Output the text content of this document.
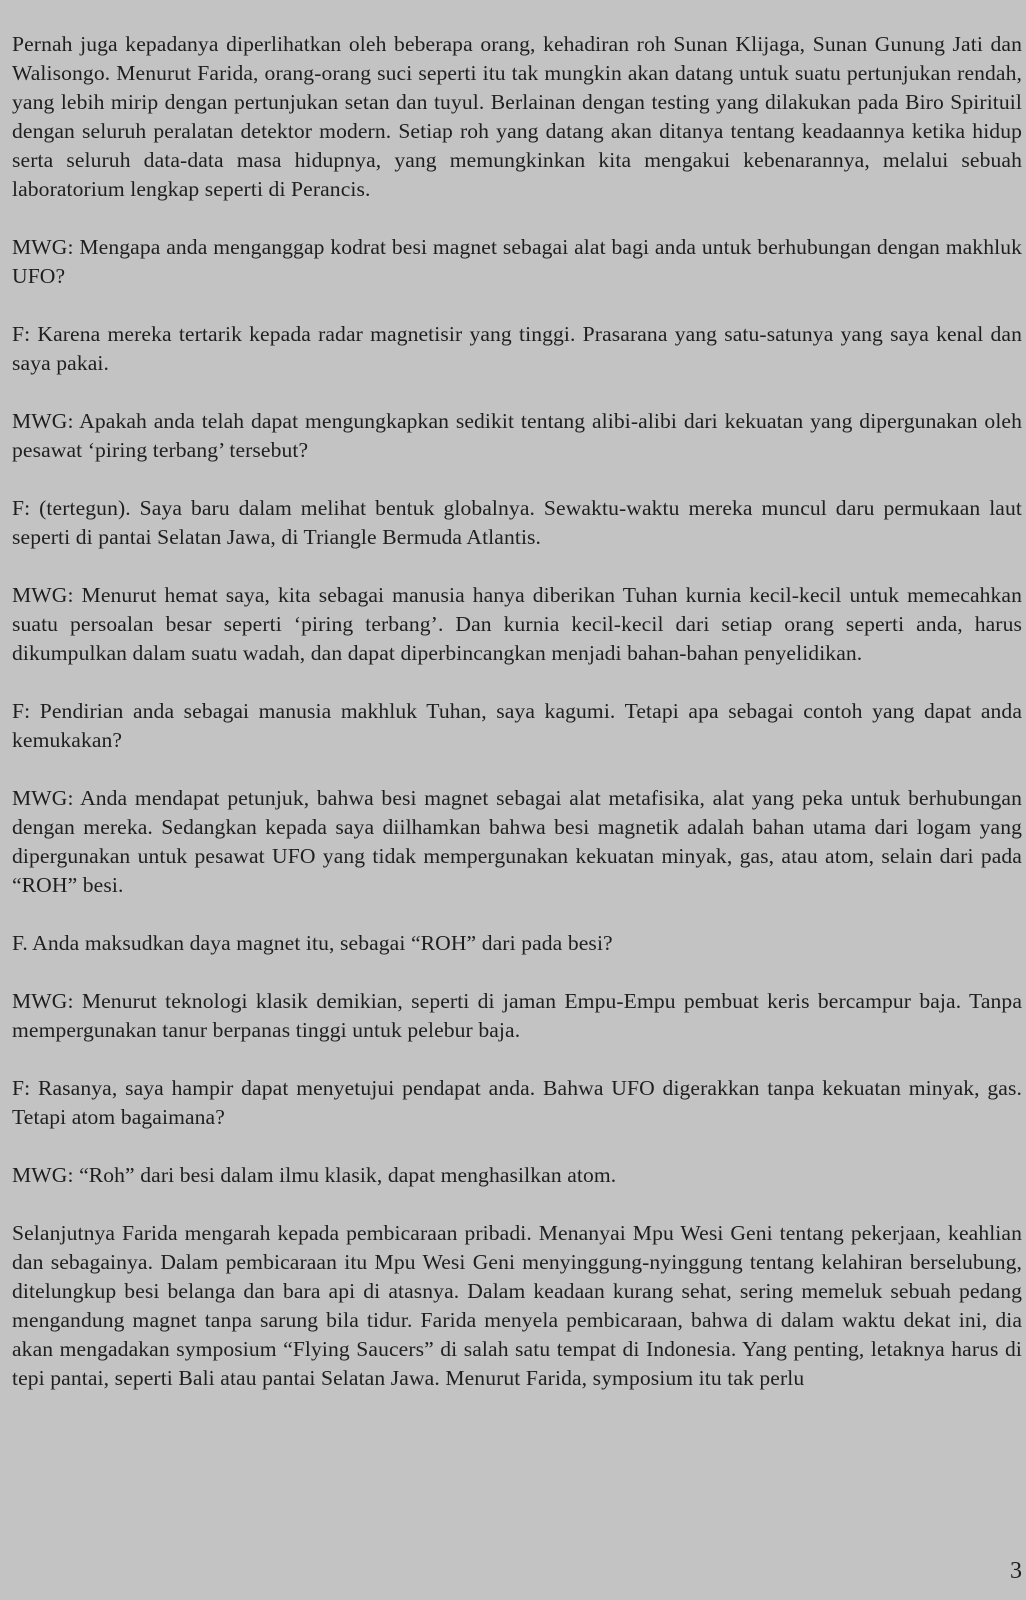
Pernah juga kepadanya diperlihatkan oleh beberapa orang, kehadiran roh Sunan Klijaga, Sunan Gunung Jati dan Walisongo. Menurut Farida, orang-orang suci seperti itu tak mungkin akan datang untuk suatu pertunjukan rendah, yang lebih mirip dengan pertunjukan setan dan tuyul. Berlainan dengan testing yang dilakukan pada Biro Spirituil dengan seluruh peralatan detektor modern. Setiap roh yang datang akan ditanya tentang keadaannya ketika hidup serta seluruh data-data masa hidupnya, yang memungkinkan kita mengakui kebenarannya, melalui sebuah laboratorium lengkap seperti di Perancis.

MWG: Mengapa anda menganggap kodrat besi magnet sebagai alat bagi anda untuk berhubungan dengan makhluk UFO?

F: Karena mereka tertarik kepada radar magnetisir yang tinggi. Prasarana yang satu-satunya yang saya kenal dan saya pakai.

MWG: Apakah anda telah dapat mengungkapkan sedikit tentang alibi-alibi dari kekuatan yang dipergunakan oleh pesawat ‘piring terbang’ tersebut?

F: (tertegun). Saya baru dalam melihat bentuk globalnya. Sewaktu-waktu mereka muncul daru permukaan laut seperti di pantai Selatan Jawa, di Triangle Bermuda Atlantis.

MWG: Menurut hemat saya, kita sebagai manusia hanya diberikan Tuhan kurnia kecil-kecil untuk memecahkan suatu persoalan besar seperti ‘piring terbang’. Dan kurnia kecil-kecil dari setiap orang seperti anda, harus dikumpulkan dalam suatu wadah, dan dapat diperbincangkan menjadi bahan-bahan penyelidikan.

F: Pendirian anda sebagai manusia makhluk Tuhan, saya kagumi. Tetapi apa sebagai contoh yang dapat anda kemukakan?

MWG: Anda mendapat petunjuk, bahwa besi magnet sebagai alat metafisika, alat yang peka untuk berhubungan dengan mereka. Sedangkan kepada saya diilhamkan bahwa besi magnetik adalah bahan utama dari logam yang dipergunakan untuk pesawat UFO yang tidak mempergunakan kekuatan minyak, gas, atau atom, selain dari pada “ROH” besi.

F. Anda maksudkan daya magnet itu, sebagai “ROH” dari pada besi?

MWG: Menurut teknologi klasik demikian, seperti di jaman Empu-Empu pembuat keris bercampur baja. Tanpa mempergunakan tanur berpanas tinggi untuk pelebur baja.

F: Rasanya, saya hampir dapat menyetujui pendapat anda. Bahwa UFO digerakkan tanpa kekuatan minyak, gas. Tetapi atom bagaimana?

MWG: “Roh” dari besi dalam ilmu klasik, dapat menghasilkan atom.

Selanjutnya Farida mengarah kepada pembicaraan pribadi. Menanyai Mpu Wesi Geni tentang pekerjaan, keahlian dan sebagainya. Dalam pembicaraan itu Mpu Wesi Geni menyinggung-nyinggung tentang kelahiran berselubung, ditelungkup besi belanga dan bara api di atasnya. Dalam keadaan kurang sehat, sering memeluk sebuah pedang mengandung magnet tanpa sarung bila tidur. Farida menyela pembicaraan, bahwa di dalam waktu dekat ini, dia akan mengadakan symposium “Flying Saucers” di salah satu tempat di Indonesia. Yang penting, letaknya harus di tepi pantai, seperti Bali atau pantai Selatan Jawa. Menurut Farida, symposium itu tak perlu

3
